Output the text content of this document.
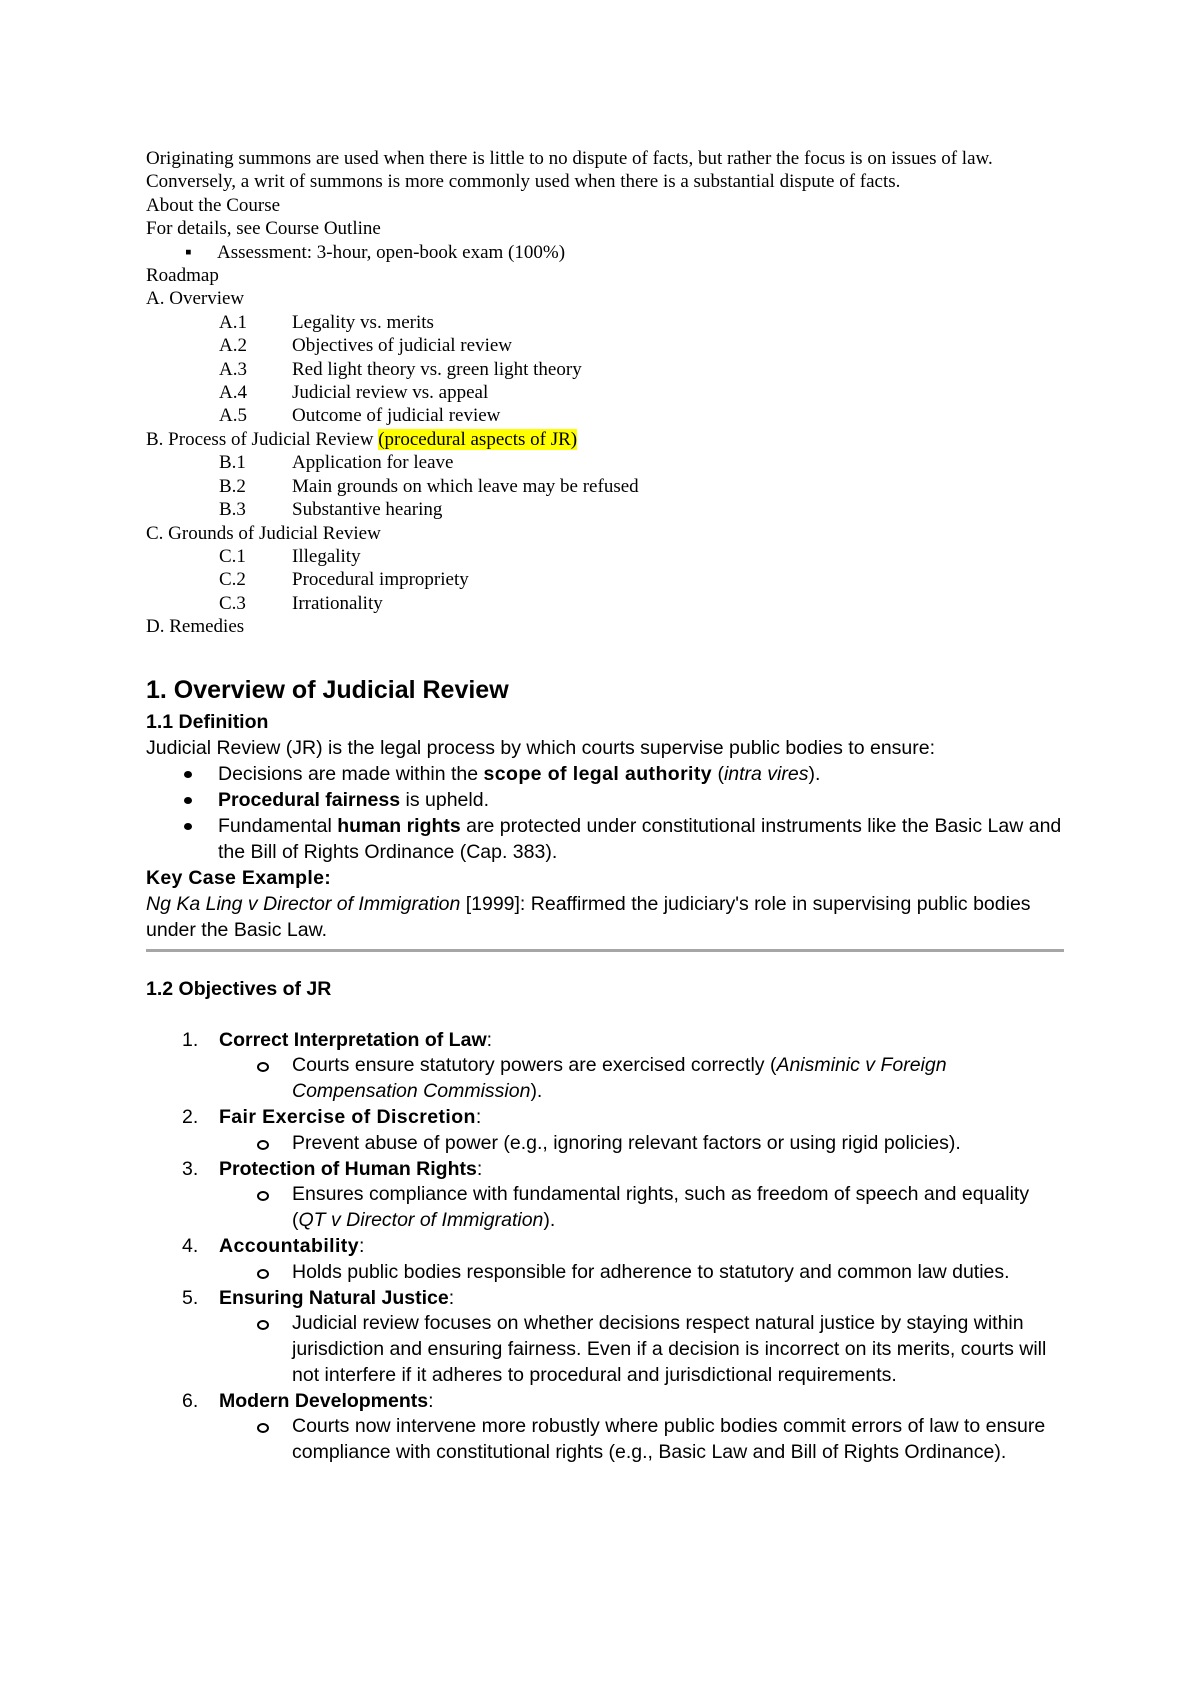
Originating summons are used when there is little to no dispute of facts, but rather the focus is on issues of law.

Conversely, a writ of summons is more commonly used when there is a substantial dispute of facts.

About the Course

For details, see Course Outline

▪ Assessment: 3-hour, open-book exam (100%)

Roadmap

A. Overview

A.1	Legality vs. merits
A.2	Objectives of judicial review
A.3	Red light theory vs. green light theory
A.4	Judicial review vs. appeal
A.5	Outcome of judicial review

B. Process of Judicial Review (procedural aspects of JR)

B.1	Application for leave
B.2	Main grounds on which leave may be refused
B.3	Substantive hearing

C. Grounds of Judicial Review

C.1	Illegality
C.2	Procedural impropriety
C.3	Irrationality

D. Remedies

1. Overview of Judicial Review
1.1 Definition

Judicial Review (JR) is the legal process by which courts supervise public bodies to ensure:

Decisions are made within the scope of legal authority (intra vires).
Procedural fairness is upheld.
Fundamental human rights are protected under constitutional instruments like the Basic Law and the Bill of Rights Ordinance (Cap. 383).

Key Case Example:

Ng Ka Ling v Director of Immigration [1999]: Reaffirmed the judiciary's role in supervising public bodies under the Basic Law.

1.2 Objectives of JR
1. Correct Interpretation of Law:
Courts ensure statutory powers are exercised correctly (Anisminic v Foreign Compensation Commission).
2. Fair Exercise of Discretion:
Prevent abuse of power (e.g., ignoring relevant factors or using rigid policies).
3. Protection of Human Rights:
Ensures compliance with fundamental rights, such as freedom of speech and equality (QT v Director of Immigration).
4. Accountability:
Holds public bodies responsible for adherence to statutory and common law duties.
5. Ensuring Natural Justice:
Judicial review focuses on whether decisions respect natural justice by staying within jurisdiction and ensuring fairness. Even if a decision is incorrect on its merits, courts will not interfere if it adheres to procedural and jurisdictional requirements.
6. Modern Developments:
Courts now intervene more robustly where public bodies commit errors of law to ensure compliance with constitutional rights (e.g., Basic Law and Bill of Rights Ordinance).
